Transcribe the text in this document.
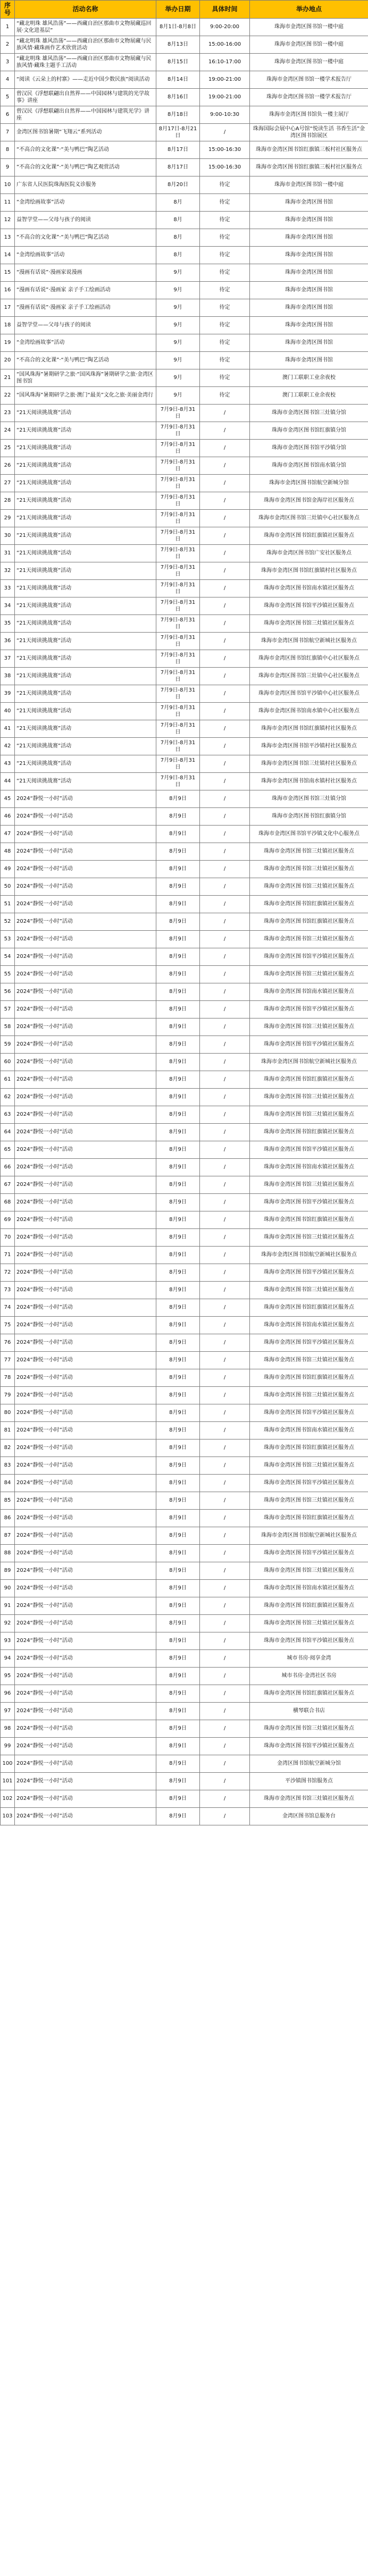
序号	活动名称	举办日期	具体时间	举办地点
1	“藏北明珠 雄风浩荡”——西藏自治区那曲市文物展藏巡回展·文化进基层”	8月1日-8月8日	9:00-20:00	珠海市金湾区图书馆一楼中庭
2	“藏北明珠 雄风浩荡”——西藏自治区那曲市文物展藏与民族风情·藏珠画作艺术欣赏活动	8月13日	15:00-16:00	珠海市金湾区图书馆一楼中庭
3	“藏北明珠 雄风浩荡”——西藏自治区那曲市文物展藏与民族风情·藏珠主题手工活动	8月15日	16:10-17:00	珠海市金湾区图书馆一楼中庭
4	“阅读《云朵上的村寨》——走近中国少数民族”阅读活动	8月14日	19:00-21:00	珠海市金湾区图书馆一楼学术报告厅
5	曾汉民《浮想联翩出自然界——中国园林与建筑的光学故事》讲座	8月16日	19:00-21:00	珠海市金湾区图书馆一楼学术报告厅
6	曾汉民《浮想联翩出自然界——中国园林与建筑光学》讲座	8月18日	9:00-10:30	珠海市金湾区图书馆负一楼主展厅
7	金湾区图书馆暑期“飞翔云”系列活动	8月17日-8月21日	/	珠海国际会展中心A号馆“悦读生活 书香生活”金湾区图书馆展区
8	“不高合的文化课”·“美与鸭巴”陶艺活动	8月17日	15:00-16:30	珠海市金湾区图书馆红旗镇三板村社区服务点
9	“不高合的文化课”·“美与鸭巴”陶艺观赏活动	8月17日	15:00-16:30	珠海市金湾区图书馆红旗镇三板村社区服务点
10	广东省人民医院珠海医院义诊服务	8月20日	待定	珠海市金湾区图书馆一楼中庭
11	“金湾绘画故事”活动	8月	待定	珠海市金湾区图书馆
12	益智学堂——父母与孩子的阅读	8月	待定	珠海市金湾区图书馆
13	“不高合的文化课”·“美与鸭巴”陶艺活动	8月	待定	珠海市金湾区图书馆
14	“金湾绘画故事”活动	8月	待定	珠海市金湾区图书馆
15	“漫画有话说”·漫画家说漫画	9月	待定	珠海市金湾区图书馆
16	“漫画有话说”·漫画家 亲子手工绘画活动	9月	待定	珠海市金湾区图书馆
17	“漫画有话说”·漫画家 亲子手工绘画活动	9月	待定	珠海市金湾区图书馆
18	益智学堂——父母与孩子的阅读	9月	待定	珠海市金湾区图书馆
19	“金湾绘画故事”活动	9月	待定	珠海市金湾区图书馆
20	“不高合的文化课”·“美与鸭巴”陶艺活动	9月	待定	珠海市金湾区图书馆
21	“国风珠海”暑期研学之旅·“国风珠海”暑期研学之旅·金湾区图书馆	9月	待定	澳门工联职工业余夜校
22	“国风珠海”暑期研学之旅·澳门“最美”文化之旅·美丽金湾行	9月	待定	澳门工联职工业余夜校
23	“21天阅读挑战赛”活动	7月9日-8月31日	/	珠海市金湾区图书馆三灶镇分馆
24	“21天阅读挑战赛”活动	7月9日-8月31日	/	珠海市金湾区图书馆红旗镇分馆
25	“21天阅读挑战赛”活动	7月9日-8月31日	/	珠海市金湾区图书馆平沙镇分馆
26	“21天阅读挑战赛”活动	7月9日-8月31日	/	珠海市金湾区图书馆南水镇分馆
27	“21天阅读挑战赛”活动	7月9日-8月31日	/	珠海市金湾区图书馆航空新城分馆
28	“21天阅读挑战赛”活动	7月9日-8月31日	/	珠海市金湾区图书馆金海岸社区服务点
29	“21天阅读挑战赛”活动	7月9日-8月31日	/	珠海市金湾区图书馆三灶镇中心社区服务点
30	“21天阅读挑战赛”活动	7月9日-8月31日	/	珠海市金湾区图书馆红旗镇社区服务点
31	“21天阅读挑战赛”活动	7月9日-8月31日	/	珠海市金湾区图书馆广安社区服务点
32	“21天阅读挑战赛”活动	7月9日-8月31日	/	珠海市金湾区图书馆红旗镇村社区服务点
33	“21天阅读挑战赛”活动	7月9日-8月31日	/	珠海市金湾区图书馆南水镇社区服务点
34	“21天阅读挑战赛”活动	7月9日-8月31日	/	珠海市金湾区图书馆平沙镇社区服务点
35	“21天阅读挑战赛”活动	7月9日-8月31日	/	珠海市金湾区图书馆三灶镇社区服务点
36	“21天阅读挑战赛”活动	7月9日-8月31日	/	珠海市金湾区图书馆航空新城社区服务点
37	“21天阅读挑战赛”活动	7月9日-8月31日	/	珠海市金湾区图书馆红旗镇中心社区服务点
38	“21天阅读挑战赛”活动	7月9日-8月31日	/	珠海市金湾区图书馆三灶镇中心社区服务点
39	“21天阅读挑战赛”活动	7月9日-8月31日	/	珠海市金湾区图书馆平沙镇中心社区服务点
40	“21天阅读挑战赛”活动	7月9日-8月31日	/	珠海市金湾区图书馆南水镇中心社区服务点
41	“21天阅读挑战赛”活动	7月9日-8月31日	/	珠海市金湾区图书馆红旗镇村社区服务点
42	“21天阅读挑战赛”活动	7月9日-8月31日	/	珠海市金湾区图书馆平沙镇村社区服务点
43	“21天阅读挑战赛”活动	7月9日-8月31日	/	珠海市金湾区图书馆三灶镇村社区服务点
44	“21天阅读挑战赛”活动	7月9日-8月31日	/	珠海市金湾区图书馆南水镇村社区服务点
45	2024“静悦一小时”活动	8月9日	/	珠海市金湾区图书馆三灶镇分馆
46	2024“静悦一小时”活动	8月9日	/	珠海市金湾区图书馆红旗镇分馆
47	2024“静悦一小时”活动	8月9日	/	珠海市金湾区图书馆平沙镇文化中心服务点
48	2024“静悦一小时”活动	8月9日	/	珠海市金湾区图书馆三灶镇社区服务点
49	2024“静悦一小时”活动	8月9日	/	珠海市金湾区图书馆三灶镇社区服务点
50	2024“静悦一小时”活动	8月9日	/	珠海市金湾区图书馆三灶镇社区服务点
51	2024“静悦一小时”活动	8月9日	/	珠海市金湾区图书馆红旗镇社区服务点
52	2024“静悦一小时”活动	8月9日	/	珠海市金湾区图书馆红旗镇社区服务点
53	2024“静悦一小时”活动	8月9日	/	珠海市金湾区图书馆三灶镇社区服务点
54	2024“静悦一小时”活动	8月9日	/	珠海市金湾区图书馆平沙镇社区服务点
55	2024“静悦一小时”活动	8月9日	/	珠海市金湾区图书馆三灶镇社区服务点
56	2024“静悦一小时”活动	8月9日	/	珠海市金湾区图书馆南水镇社区服务点
57	2024“静悦一小时”活动	8月9日	/	珠海市金湾区图书馆平沙镇社区服务点
58	2024“静悦一小时”活动	8月9日	/	珠海市金湾区图书馆三灶镇社区服务点
59	2024“静悦一小时”活动	8月9日	/	珠海市金湾区图书馆平沙镇社区服务点
60	2024“静悦一小时”活动	8月9日	/	珠海市金湾区图书馆航空新城社区服务点
61	2024“静悦一小时”活动	8月9日	/	珠海市金湾区图书馆红旗镇社区服务点
62	2024“静悦一小时”活动	8月9日	/	珠海市金湾区图书馆三灶镇社区服务点
63	2024“静悦一小时”活动	8月9日	/	珠海市金湾区图书馆三灶镇社区服务点
64	2024“静悦一小时”活动	8月9日	/	珠海市金湾区图书馆红旗镇社区服务点
65	2024“静悦一小时”活动	8月9日	/	珠海市金湾区图书馆平沙镇社区服务点
66	2024“静悦一小时”活动	8月9日	/	珠海市金湾区图书馆南水镇社区服务点
67	2024“静悦一小时”活动	8月9日	/	珠海市金湾区图书馆三灶镇社区服务点
68	2024“静悦一小时”活动	8月9日	/	珠海市金湾区图书馆平沙镇社区服务点
69	2024“静悦一小时”活动	8月9日	/	珠海市金湾区图书馆红旗镇社区服务点
70	2024“静悦一小时”活动	8月9日	/	珠海市金湾区图书馆三灶镇社区服务点
71	2024“静悦一小时”活动	8月9日	/	珠海市金湾区图书馆航空新城社区服务点
72	2024“静悦一小时”活动	8月9日	/	珠海市金湾区图书馆平沙镇社区服务点
73	2024“静悦一小时”活动	8月9日	/	珠海市金湾区图书馆三灶镇社区服务点
74	2024“静悦一小时”活动	8月9日	/	珠海市金湾区图书馆红旗镇社区服务点
75	2024“静悦一小时”活动	8月9日	/	珠海市金湾区图书馆南水镇社区服务点
76	2024“静悦一小时”活动	8月9日	/	珠海市金湾区图书馆平沙镇社区服务点
77	2024“静悦一小时”活动	8月9日	/	珠海市金湾区图书馆三灶镇社区服务点
78	2024“静悦一小时”活动	8月9日	/	珠海市金湾区图书馆红旗镇社区服务点
79	2024“静悦一小时”活动	8月9日	/	珠海市金湾区图书馆三灶镇社区服务点
80	2024“静悦一小时”活动	8月9日	/	珠海市金湾区图书馆平沙镇社区服务点
81	2024“静悦一小时”活动	8月9日	/	珠海市金湾区图书馆南水镇社区服务点
82	2024“静悦一小时”活动	8月9日	/	珠海市金湾区图书馆红旗镇社区服务点
83	2024“静悦一小时”活动	8月9日	/	珠海市金湾区图书馆三灶镇社区服务点
84	2024“静悦一小时”活动	8月9日	/	珠海市金湾区图书馆平沙镇社区服务点
85	2024“静悦一小时”活动	8月9日	/	珠海市金湾区图书馆三灶镇社区服务点
86	2024“静悦一小时”活动	8月9日	/	珠海市金湾区图书馆红旗镇社区服务点
87	2024“静悦一小时”活动	8月9日	/	珠海市金湾区图书馆航空新城社区服务点
88	2024“静悦一小时”活动	8月9日	/	珠海市金湾区图书馆平沙镇社区服务点
89	2024“静悦一小时”活动	8月9日	/	珠海市金湾区图书馆三灶镇社区服务点
90	2024“静悦一小时”活动	8月9日	/	珠海市金湾区图书馆南水镇社区服务点
91	2024“静悦一小时”活动	8月9日	/	珠海市金湾区图书馆红旗镇社区服务点
92	2024“静悦一小时”活动	8月9日	/	珠海市金湾区图书馆三灶镇社区服务点
93	2024“静悦一小时”活动	8月9日	/	珠海市金湾区图书馆平沙镇社区服务点
94	2024“静悦一小时”活动	8月9日	/	城市书房·阅享金湾
95	2024“静悦一小时”活动	8月9日	/	城市书房·金湾社区书房
96	2024“静悦一小时”活动	8月9日	/	珠海市金湾区图书馆红旗镇社区服务点
97	2024“静悦一小时”活动	8月9日	/	横琴联合书店
98	2024“静悦一小时”活动	8月9日	/	珠海市金湾区图书馆三灶镇社区服务点
99	2024“静悦一小时”活动	8月9日	/	珠海市金湾区图书馆平沙镇社区服务点
100	2024“静悦一小时”活动	8月9日	/	金湾区图书馆航空新城分馆
101	2024“静悦一小时”活动	8月9日	/	平沙镇图书馆服务点
102	2024“静悦一小时”活动	8月9日	/	珠海市金湾区图书馆三灶镇社区服务点
103	2024“静悦一小时”活动	8月9日	/	金湾区图书馆总服务台
